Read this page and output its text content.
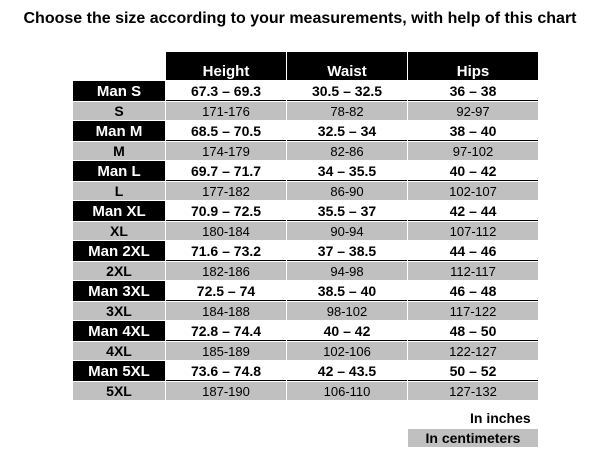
Choose the size according to your measurements, with help of this chart
	Height	Waist	Hips
Man S	67.3 – 69.3	30.5 – 32.5	36 – 38
S	171-176	78-82	92-97
Man M	68.5 – 70.5	32.5 – 34	38 – 40
M	174-179	82-86	97-102
Man L	69.7 – 71.7	34 – 35.5	40 – 42
L	177-182	86-90	102-107
Man XL	70.9 – 72.5	35.5 – 37	42 – 44
XL	180-184	90-94	107-112
Man 2XL	71.6 – 73.2	37 – 38.5	44 – 46
2XL	182-186	94-98	112-117
Man 3XL	72.5 – 74	38.5 – 40	46 – 48
3XL	184-188	98-102	117-122
Man 4XL	72.8 – 74.4	40 – 42	48 – 50
4XL	185-189	102-106	122-127
Man 5XL	73.6 – 74.8	42 – 43.5	50 – 52
5XL	187-190	106-110	127-132
In inches
In centimeters
